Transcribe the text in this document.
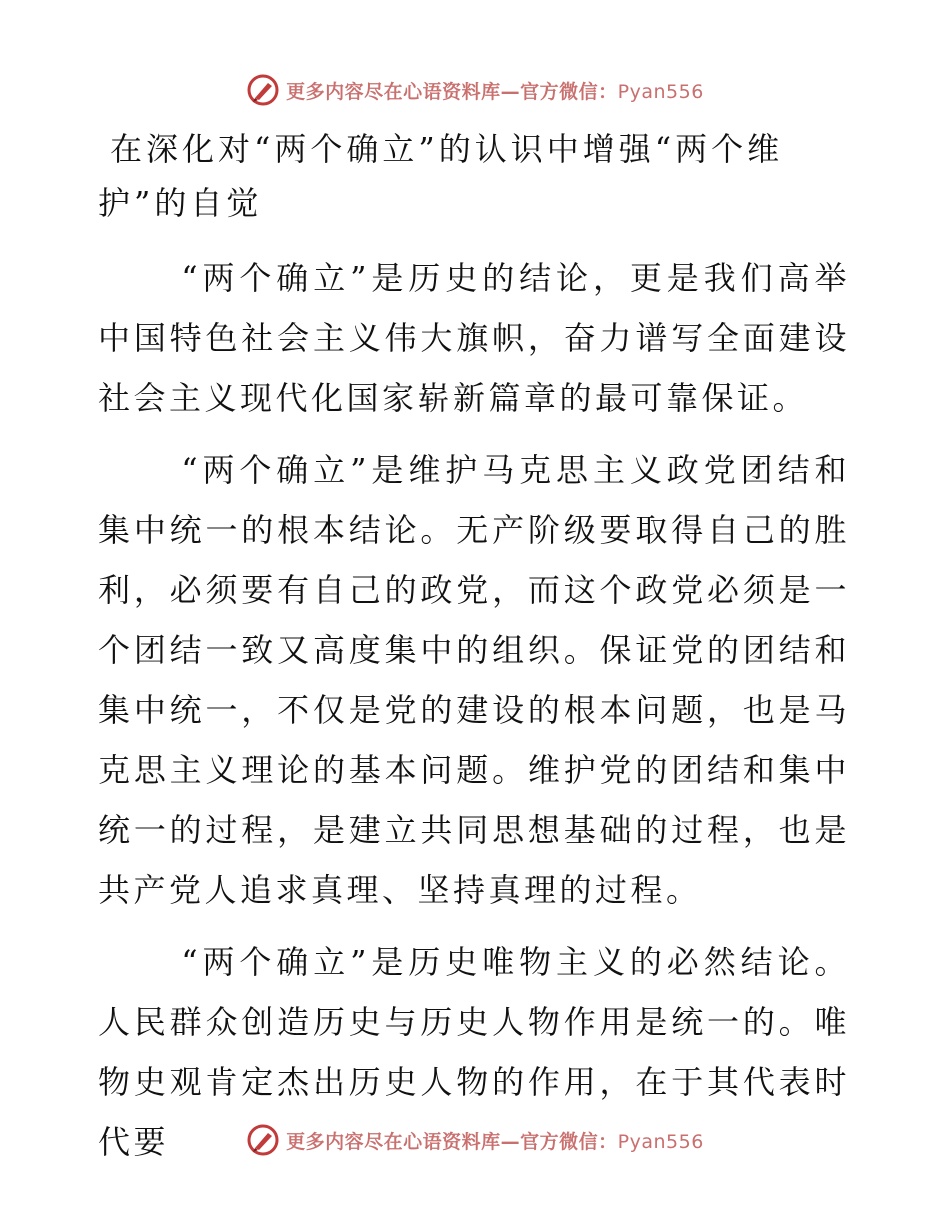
更多内容尽在心语资料库—官方微信：Pyan556
在深化对“两个确立”的认识中增强“两个维
护”的自觉

“两个确立”是历史的结论，更是我们高举中国特色社会主义伟大旗帜，奋力谱写全面建设社会主义现代化国家崭新篇章的最可靠保证。

“两个确立”是维护马克思主义政党团结和集中统一的根本结论。无产阶级要取得自己的胜利，必须要有自己的政党，而这个政党必须是一个团结一致又高度集中的组织。保证党的团结和集中统一，不仅是党的建设的根本问题，也是马克思主义理论的基本问题。维护党的团结和集中统一的过程，是建立共同思想基础的过程，也是共产党人追求真理、坚持真理的过程。

“两个确立”是历史唯物主义的必然结论。人民群众创造历史与历史人物作用是统一的。唯物史观肯定杰出历史人物的作用，在于其代表时代要	更多内容尽在心语资料库—官方微信：Pyan556
